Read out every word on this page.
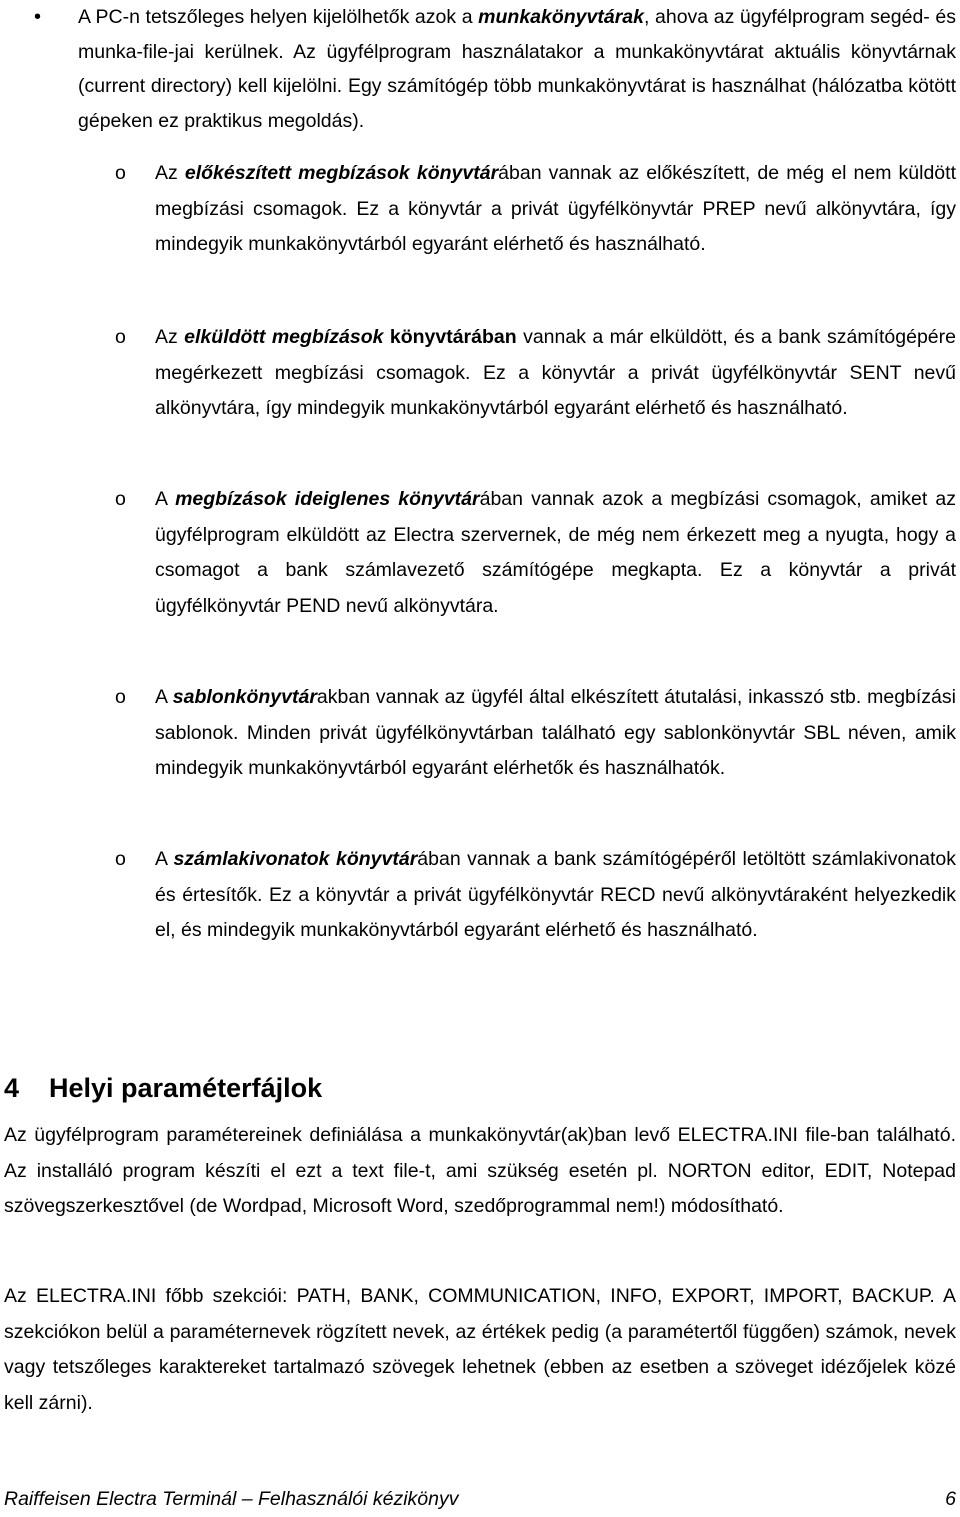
• A PC-n tetszőleges helyen kijelölhetők azok a munkakönyvtárak, ahova az ügyfélprogram segéd- és munka-file-jai kerülnek. Az ügyfélprogram használatakor a munkakönyvtárat aktuális könyvtárnak (current directory) kell kijelölni. Egy számítógép több munkakönyvtárat is használhat (hálózatba kötött gépeken ez praktikus megoldás).
o Az előkészített megbízások könyvtárában vannak az előkészített, de még el nem küldött megbízási csomagok. Ez a könyvtár a privát ügyfélkönyvtár PREP nevű alkönyvtára, így mindegyik munkakönyvtárból egyaránt elérhető és használható.
o Az elküldött megbízások könyvtárában vannak a már elküldött, és a bank számítógépére megérkezett megbízási csomagok. Ez a könyvtár a privát ügyfélkönyvtár SENT nevű alkönyvtára, így mindegyik munkakönyvtárból egyaránt elérhető és használható.
o A megbízások ideiglenes könyvtárában vannak azok a megbízási csomagok, amiket az ügyfélprogram elküldött az Electra szervernek, de még nem érkezett meg a nyugta, hogy a csomagot a bank számlavezető számítógépe megkapta. Ez a könyvtár a privát ügyfélkönyvtár PEND nevű alkönyvtára.
o A sablonkönyvtárakban vannak az ügyfél által elkészített átutalási, inkasszó stb. megbízási sablonok. Minden privát ügyfélkönyvtárban található egy sablonkönyvtár SBL néven, amik mindegyik munkakönyvtárból egyaránt elérhetők és használhatók.
o A számlakivonatok könyvtárában vannak a bank számítógépéről letöltött számlakivonatok és értesítők. Ez a könyvtár a privát ügyfélkönyvtár RECD nevű alkönyvtáraként helyezkedik el, és mindegyik munkakönyvtárból egyaránt elérhető és használható.
4 Helyi paraméterfájlok
Az ügyfélprogram paramétereinek definiálása a munkakönyvtár(ak)ban levő ELECTRA.INI file-ban található. Az installáló program készíti el ezt a text file-t, ami szükség esetén pl. NORTON editor, EDIT, Notepad szövegszerkesztővel (de Wordpad, Microsoft Word, szedőprogrammal nem!) módosítható.
Az ELECTRA.INI főbb szekciói: PATH, BANK, COMMUNICATION, INFO, EXPORT, IMPORT, BACKUP. A szekciókon belül a paraméternevek rögzített nevek, az értékek pedig (a paramétertől függően) számok, nevek vagy tetszőleges karaktereket tartalmazó szövegek lehetnek (ebben az esetben a szöveget idézőjelek közé kell zárni).
Raiffeisen Electra Terminál – Felhasználói kézikönyv	6
